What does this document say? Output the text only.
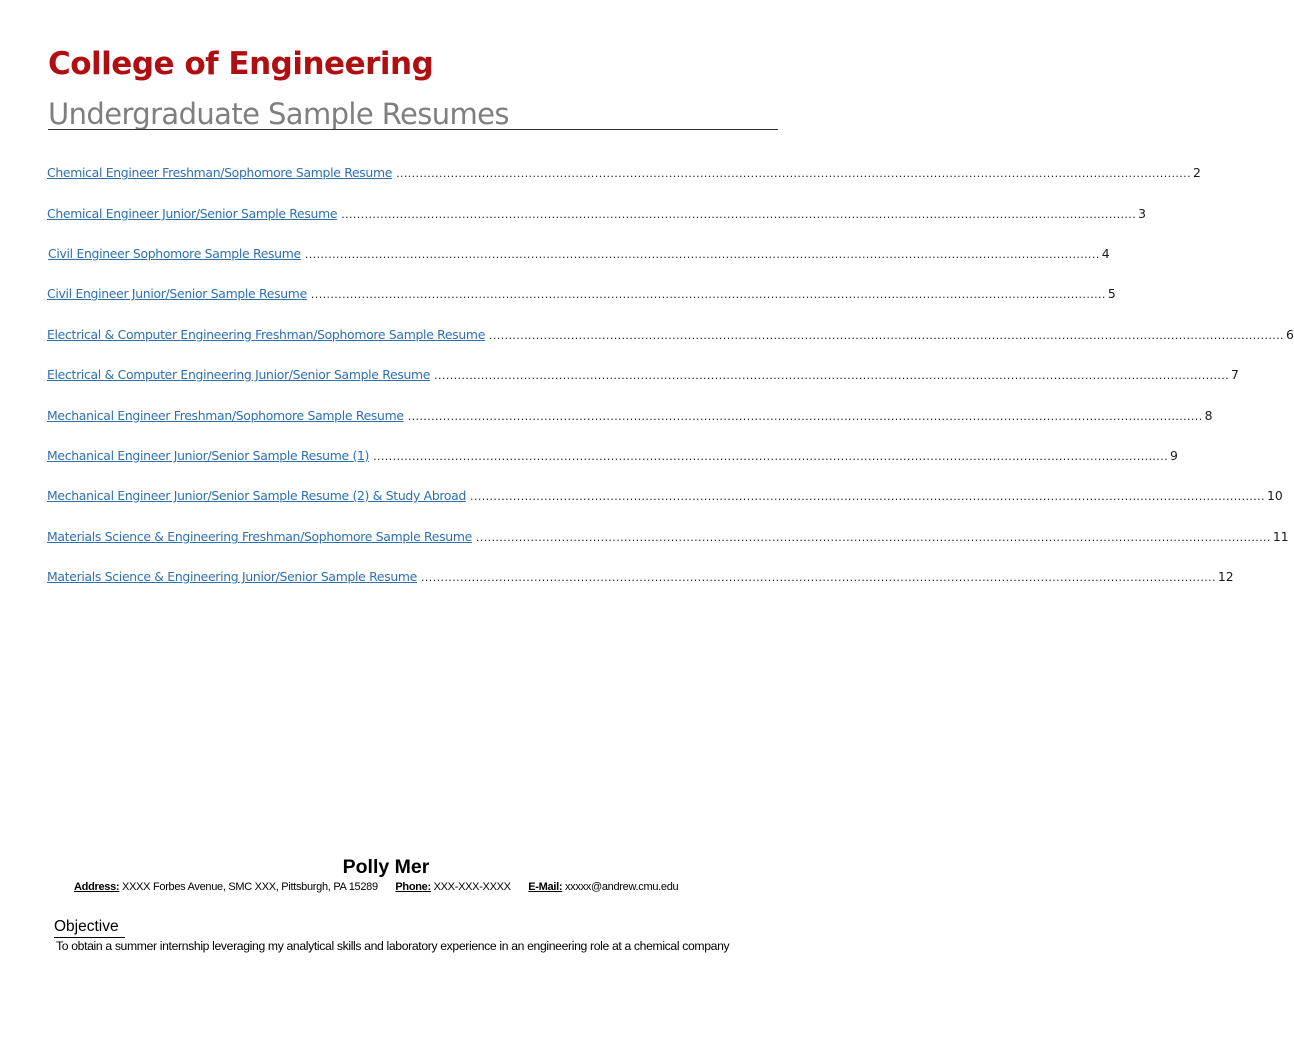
College of Engineering
Undergraduate Sample Resumes
Chemical Engineer Freshman/Sophomore Sample Resume ............................................................................................................................................................................................................ 2
Chemical Engineer Junior/Senior Sample Resume ............................................................................................................................................................................................................ 3
Civil Engineer Sophomore Sample Resume ............................................................................................................................................................................................................ 4
Civil Engineer Junior/Senior Sample Resume ............................................................................................................................................................................................................ 5
Electrical & Computer Engineering Freshman/Sophomore Sample Resume ............................................................................................................................................................................................................ 6
Electrical & Computer Engineering Junior/Senior Sample Resume ............................................................................................................................................................................................................ 7
Mechanical Engineer Freshman/Sophomore Sample Resume ............................................................................................................................................................................................................ 8
Mechanical Engineer Junior/Senior Sample Resume (1) ............................................................................................................................................................................................................ 9
Mechanical Engineer Junior/Senior Sample Resume (2) & Study Abroad ............................................................................................................................................................................................................ 10
Materials Science & Engineering Freshman/Sophomore Sample Resume ............................................................................................................................................................................................................ 11
Materials Science & Engineering Junior/Senior Sample Resume ............................................................................................................................................................................................................ 12
Polly Mer
Address: XXXX Forbes Avenue, SMC XXX, Pittsburgh, PA 15289 Phone: XXX-XXX-XXXX E-Mail: xxxxx@andrew.cmu.edu
Objective
To obtain a summer internship leveraging my analytical skills and laboratory experience in an engineering role at a chemical company
